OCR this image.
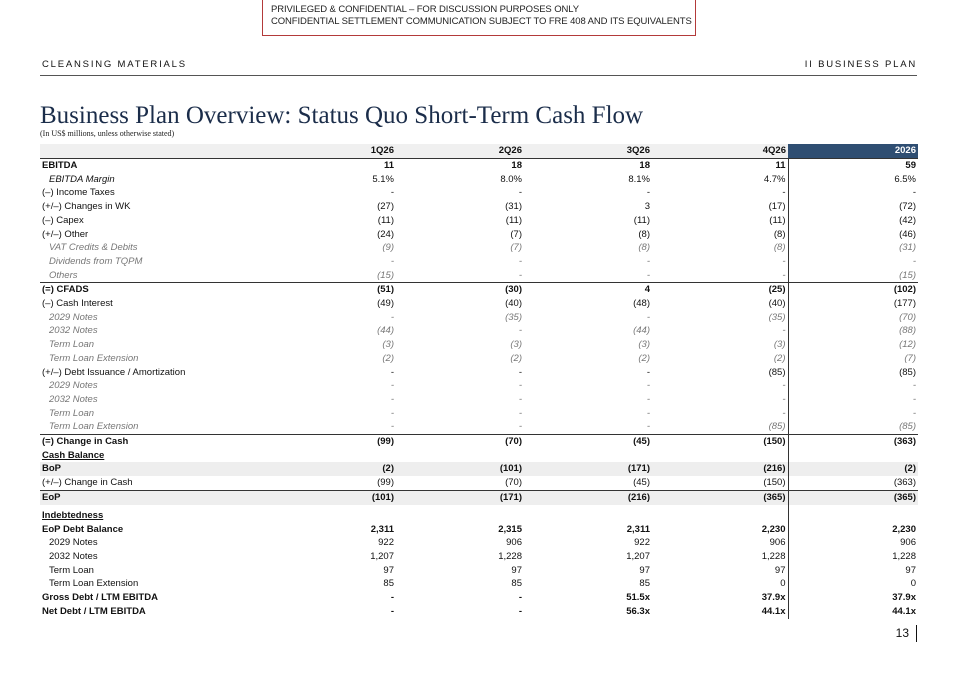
PRIVILEGED & CONFIDENTIAL – FOR DISCUSSION PURPOSES ONLY
CONFIDENTIAL SETTLEMENT COMMUNICATION SUBJECT TO FRE 408 AND ITS EQUIVALENTS
CLEANSING MATERIALS	II BUSINESS PLAN
Business Plan Overview: Status Quo Short-Term Cash Flow
(In US$ millions, unless otherwise stated)
	1Q26	2Q26	3Q26	4Q26	2026
EBITDA	11	18	18	11	59
EBITDA Margin	5.1%	8.0%	8.1%	4.7%	6.5%
(–) Income Taxes	-	-	-	-	-
(+/–) Changes in WK	(27)	(31)	3	(17)	(72)
(–) Capex	(11)	(11)	(11)	(11)	(42)
(+/–) Other	(24)	(7)	(8)	(8)	(46)
VAT Credits & Debits	(9)	(7)	(8)	(8)	(31)
Dividends from TQPM	-	-	-	-	-
Others	(15)	-	-	-	(15)
(=) CFADS	(51)	(30)	4	(25)	(102)
(–) Cash Interest	(49)	(40)	(48)	(40)	(177)
2029 Notes	-	(35)	-	(35)	(70)
2032 Notes	(44)	-	(44)	-	(88)
Term Loan	(3)	(3)	(3)	(3)	(12)
Term Loan Extension	(2)	(2)	(2)	(2)	(7)
(+/–) Debt Issuance / Amortization	-	-	-	(85)	(85)
2029 Notes	-	-	-	-	-
2032 Notes	-	-	-	-	-
Term Loan	-	-	-	-	-
Term Loan Extension	-	-	-	(85)	(85)
(=) Change in Cash	(99)	(70)	(45)	(150)	(363)
Cash Balance					
BoP	(2)	(101)	(171)	(216)	(2)
(+/–) Change in Cash	(99)	(70)	(45)	(150)	(363)
EoP	(101)	(171)	(216)	(365)	(365)
Indebtedness					
EoP Debt Balance	2,311	2,315	2,311	2,230	2,230
2029 Notes	922	906	922	906	906
2032 Notes	1,207	1,228	1,207	1,228	1,228
Term Loan	97	97	97	97	97
Term Loan Extension	85	85	85	0	0
Gross Debt / LTM EBITDA	-	-	51.5x	37.9x	37.9x
Net Debt / LTM EBITDA	-	-	56.3x	44.1x	44.1x
13
